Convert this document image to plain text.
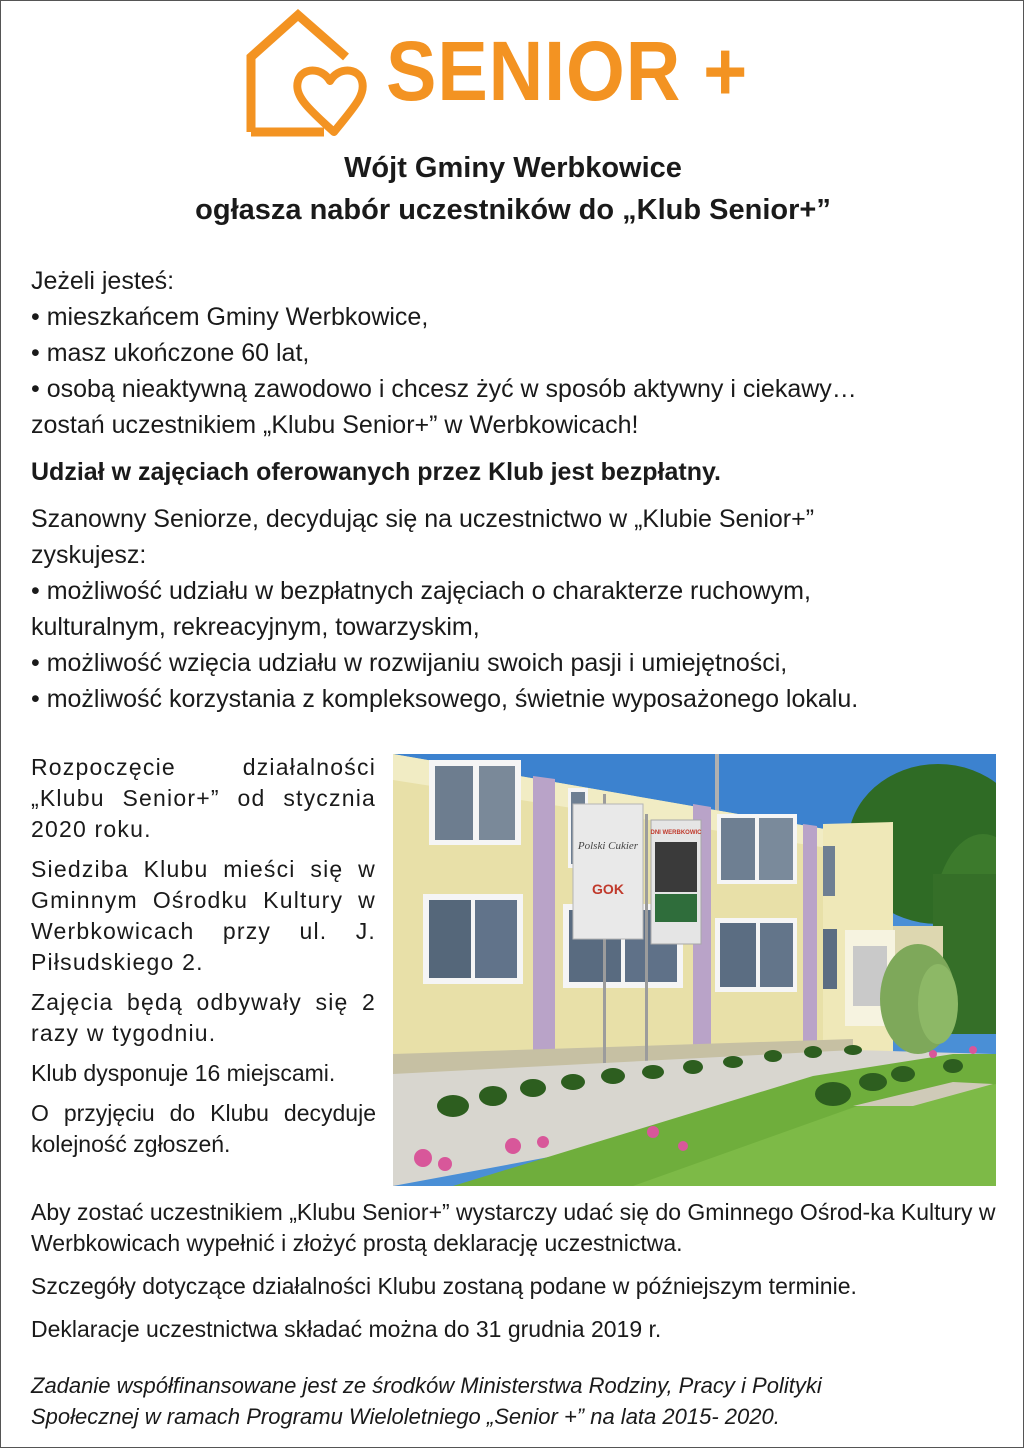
SENIOR +
Wójt Gminy Werbkowice
ogłasza nabór uczestników do „Klub Senior+”
Jeżeli jesteś:
• mieszkańcem Gminy Werbkowice,
• masz ukończone 60 lat,
• osobą nieaktywną zawodowo i chcesz żyć w sposób aktywny i ciekawy…
zostań uczestnikiem „Klubu Senior+” w Werbkowicach!
Udział w zajęciach oferowanych przez Klub jest bezpłatny.
Szanowny Seniorze, decydując się na uczestnictwo w „Klubie Senior+”
zyskujesz:
• możliwość udziału w bezpłatnych zajęciach o charakterze ruchowym,
kulturalnym, rekreacyjnym, towarzyskim,
• możliwość wzięcia udziału w rozwijaniu swoich pasji i umiejętności,
• możliwość korzystania z kompleksowego, świetnie wyposażonego lokalu.

Rozpoczęcie działalności „Klubu Senior+” od stycznia 2020 roku.

Siedziba Klubu mieści się w Gminnym Ośrodku Kultury w Werbkowicach przy ul. J. Piłsudskiego 2.

Zajęcia będą odbywały się 2 razy w tygodniu.

Klub dysponuje 16 miejscami.

O przyjęciu do Klubu decyduje kolejność zgłoszeń.

Polski Cukier
GOK
DNI WERBKOWIC

Aby zostać uczestnikiem „Klubu Senior+” wystarczy udać się do Gminnego Ośrod-ka Kultury w Werbkowicach wypełnić i złożyć prostą deklarację uczestnictwa.

Szczegóły dotyczące działalności Klubu zostaną podane w późniejszym terminie.

Deklaracje uczestnictwa składać można do 31 grudnia 2019 r.

Zadanie współfinansowane jest ze środków Ministerstwa Rodziny, Pracy i Polityki
Społecznej w ramach Programu Wieloletniego „Senior +” na lata 2015- 2020.
